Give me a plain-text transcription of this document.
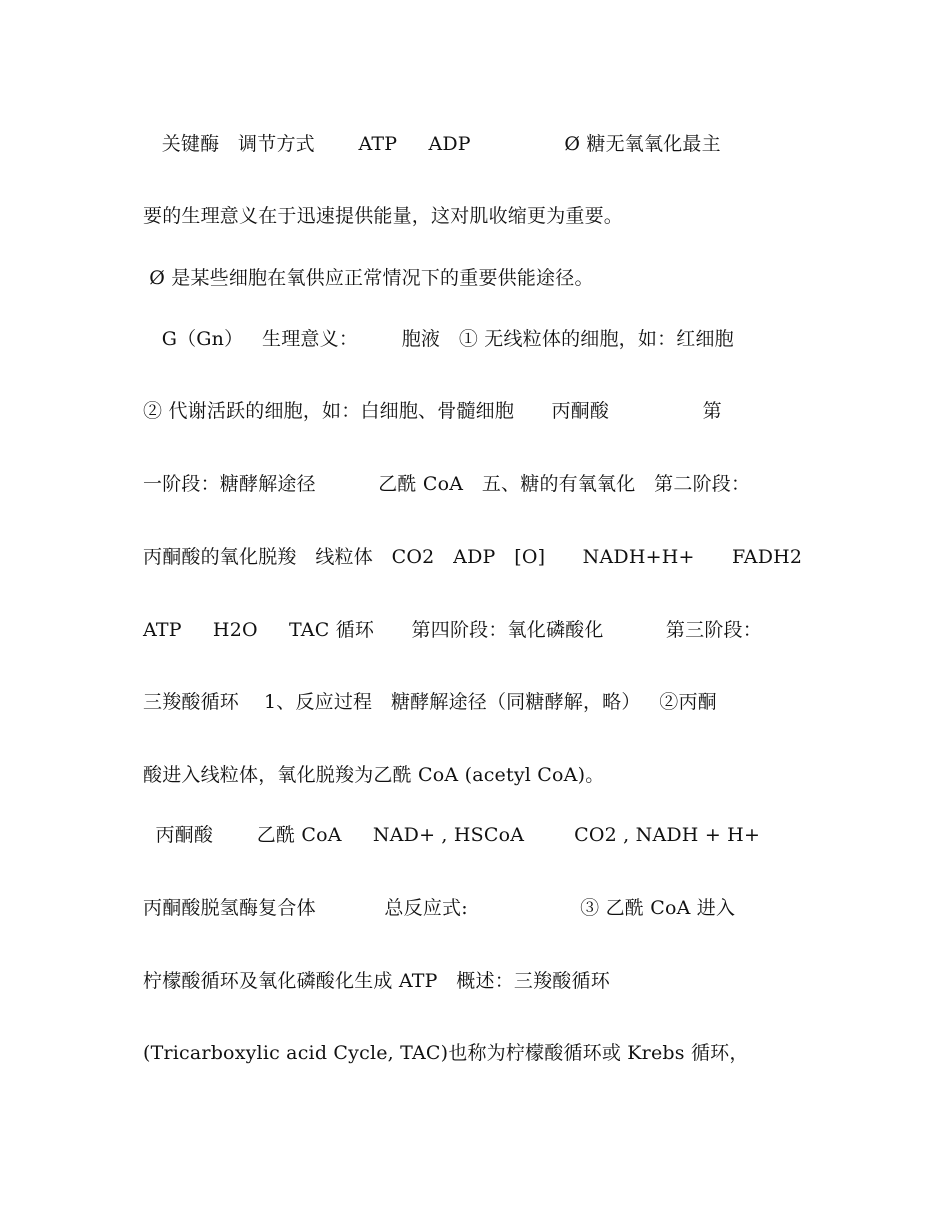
关键酶   调节方式       ATP     ADP               Ø 糖无氧氧化最主
要的生理意义在于迅速提供能量，这对肌收缩更为重要。
Ø 是某些细胞在氧供应正常情况下的重要供能途径。
G（Gn）   生理意义：       胞液   ① 无线粒体的细胞，如：红细胞
② 代谢活跃的细胞，如：白细胞、骨髓细胞      丙酮酸               第
一阶段：糖酵解途径          乙酰 CoA   五、糖的有氧氧化   第二阶段：
丙酮酸的氧化脱羧   线粒体   CO2   ADP   [O]      NADH+H+      FADH2
ATP     H2O     TAC 循环      第四阶段：氧化磷酸化          第三阶段：
三羧酸循环    1、反应过程   糖酵解途径（同糖酵解，略）   ②丙酮
酸进入线粒体，氧化脱羧为乙酰 CoA (acetyl CoA)。
丙酮酸       乙酰 CoA     NAD+ , HSCoA        CO2 , NADH + H+
丙酮酸脱氢酶复合体           总反应式:                  ③ 乙酰 CoA 进入
柠檬酸循环及氧化磷酸化生成 ATP   概述：三羧酸循环
(Tricarboxylic acid Cycle, TAC)也称为柠檬酸循环或 Krebs 循环，
